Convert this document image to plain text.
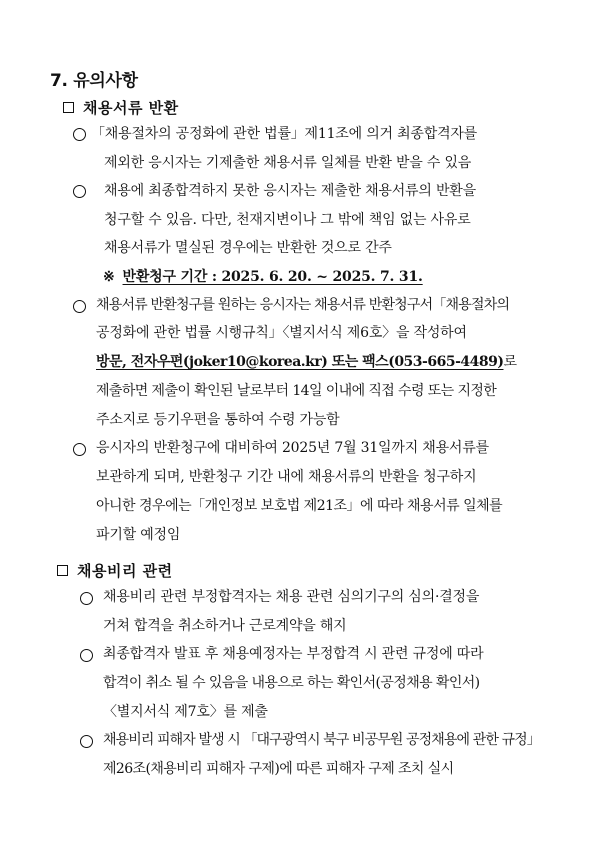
7. 유의사항
채용서류 반환
「채용절차의 공정화에 관한 법률」제11조에 의거 최종합격자를
제외한 응시자는 기제출한 채용서류 일체를 반환 받을 수 있음
채용에 최종합격하지 못한 응시자는 제출한 채용서류의 반환을
청구할 수 있음. 다만, 천재지변이나 그 밖에 책임 없는 사유로
채용서류가 멸실된 경우에는 반환한 것으로 간주
※ 반환청구 기간 : 2025. 6. 20. ~ 2025. 7. 31.
채용서류 반환청구를 원하는 응시자는 채용서류 반환청구서「채용절차의
공정화에 관한 법률 시행규칙」〈별지서식 제6호〉을 작성하여
방문, 전자우편(joker10@korea.kr) 또는 팩스(053-665-4489)로
제출하면 제출이 확인된 날로부터 14일 이내에 직접 수령 또는 지정한
주소지로 등기우편을 통하여 수령 가능함
응시자의 반환청구에 대비하여 2025년 7월 31일까지 채용서류를
보관하게 되며, 반환청구 기간 내에 채용서류의 반환을 청구하지
아니한 경우에는「개인정보 보호법 제21조」에 따라 채용서류 일체를
파기할 예정임
채용비리 관련
채용비리 관련 부정합격자는 채용 관련 심의기구의 심의·결정을
거쳐 합격을 취소하거나 근로계약을 해지
최종합격자 발표 후 채용예정자는 부정합격 시 관련 규정에 따라
합격이 취소 될 수 있음을 내용으로 하는 확인서(공정채용 확인서)
〈별지서식 제7호〉를 제출
채용비리 피해자 발생 시 「대구광역시 북구 비공무원 공정채용에 관한 규정」
제26조(채용비리 피해자 구제)에 따른 피해자 구제 조치 실시
